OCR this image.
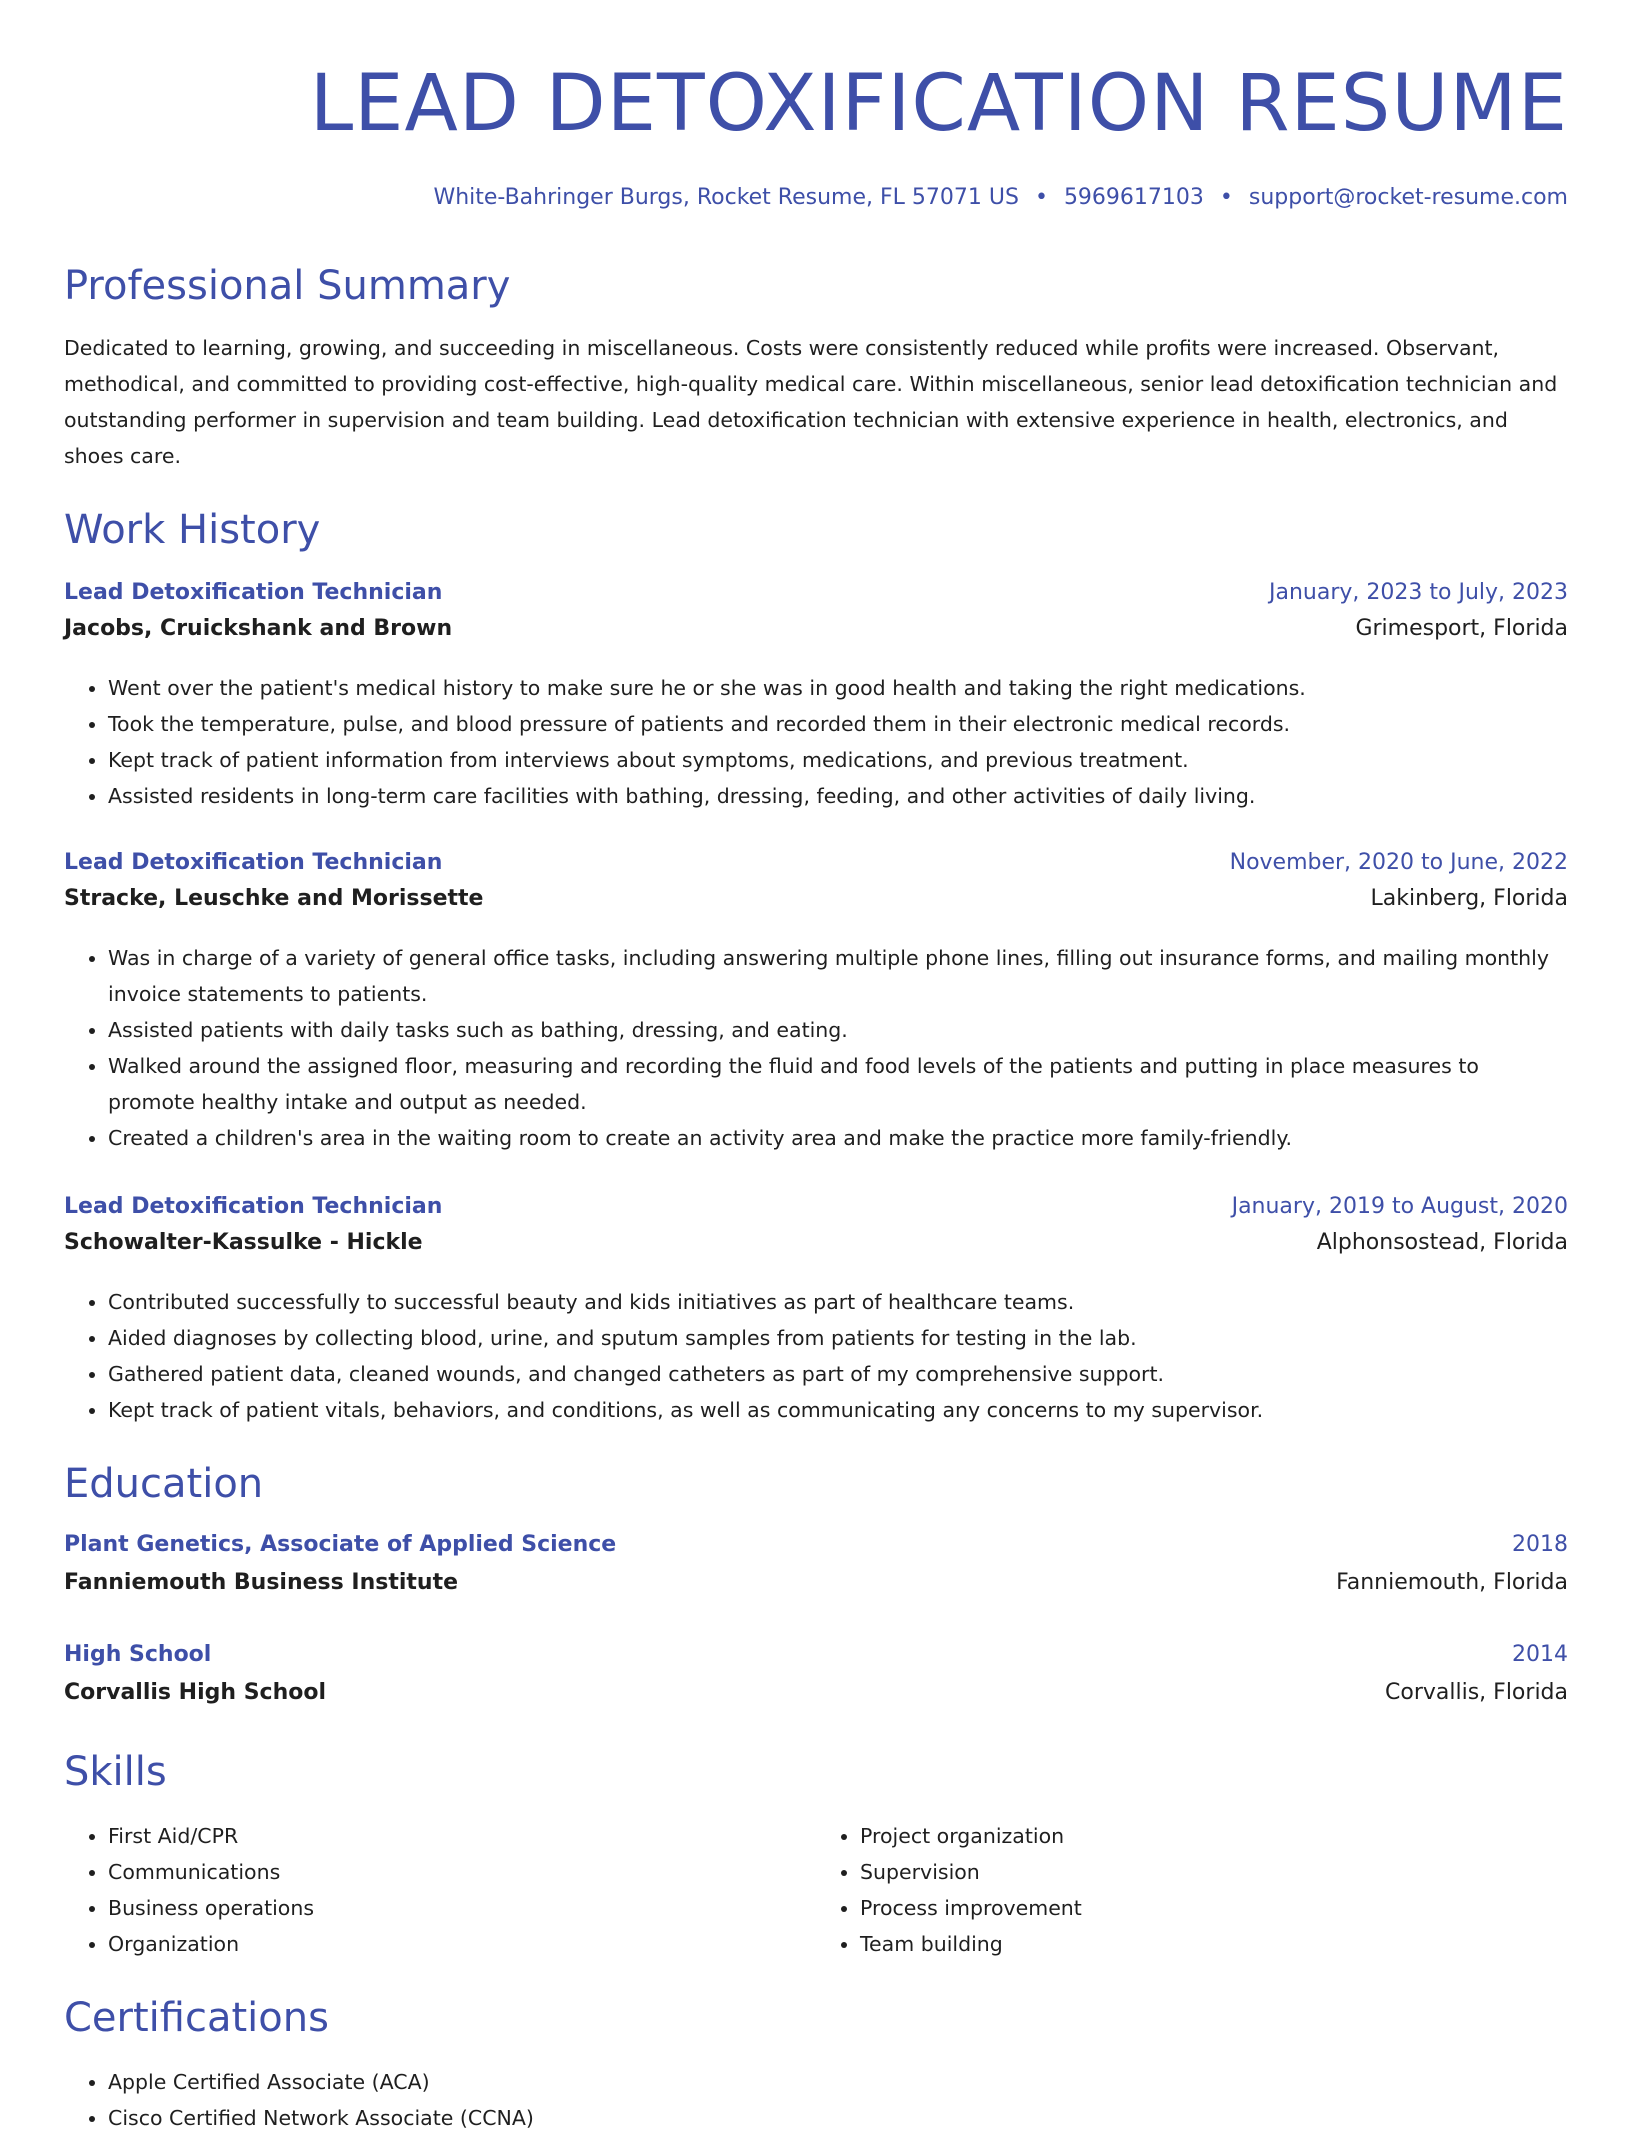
LEAD DETOXIFICATION RESUME
White-Bahringer Burgs, Rocket Resume, FL 57071 US • 5969617103 • support@rocket-resume.com
Professional Summary

Dedicated to learning, growing, and succeeding in miscellaneous. Costs were consistently reduced while profits were increased. Observant, methodical, and committed to providing cost-effective, high-quality medical care. Within miscellaneous, senior lead detoxification technician and outstanding performer in supervision and team building. Lead detoxification technician with extensive experience in health, electronics, and shoes care.

Work History
Lead Detoxification Technician	January, 2023 to July, 2023
Jacobs, Cruickshank and Brown	Grimesport, Florida
• Went over the patient's medical history to make sure he or she was in good health and taking the right medications.
• Took the temperature, pulse, and blood pressure of patients and recorded them in their electronic medical records.
• Kept track of patient information from interviews about symptoms, medications, and previous treatment.
• Assisted residents in long-term care facilities with bathing, dressing, feeding, and other activities of daily living.
Lead Detoxification Technician	November, 2020 to June, 2022
Stracke, Leuschke and Morissette	Lakinberg, Florida
• Was in charge of a variety of general office tasks, including answering multiple phone lines, filling out insurance forms, and mailing monthly invoice statements to patients.
• Assisted patients with daily tasks such as bathing, dressing, and eating.
• Walked around the assigned floor, measuring and recording the fluid and food levels of the patients and putting in place measures to promote healthy intake and output as needed.
• Created a children's area in the waiting room to create an activity area and make the practice more family-friendly.
Lead Detoxification Technician	January, 2019 to August, 2020
Schowalter-Kassulke - Hickle	Alphonsostead, Florida
• Contributed successfully to successful beauty and kids initiatives as part of healthcare teams.
• Aided diagnoses by collecting blood, urine, and sputum samples from patients for testing in the lab.
• Gathered patient data, cleaned wounds, and changed catheters as part of my comprehensive support.
• Kept track of patient vitals, behaviors, and conditions, as well as communicating any concerns to my supervisor.
Education
Plant Genetics, Associate of Applied Science	2018
Fanniemouth Business Institute	Fanniemouth, Florida
High School	2014
Corvallis High School	Corvallis, Florida
Skills
• First Aid/CPR
• Communications
• Business operations
• Organization
• Project organization
• Supervision
• Process improvement
• Team building
Certifications
• Apple Certified Associate (ACA)
• Cisco Certified Network Associate (CCNA)
